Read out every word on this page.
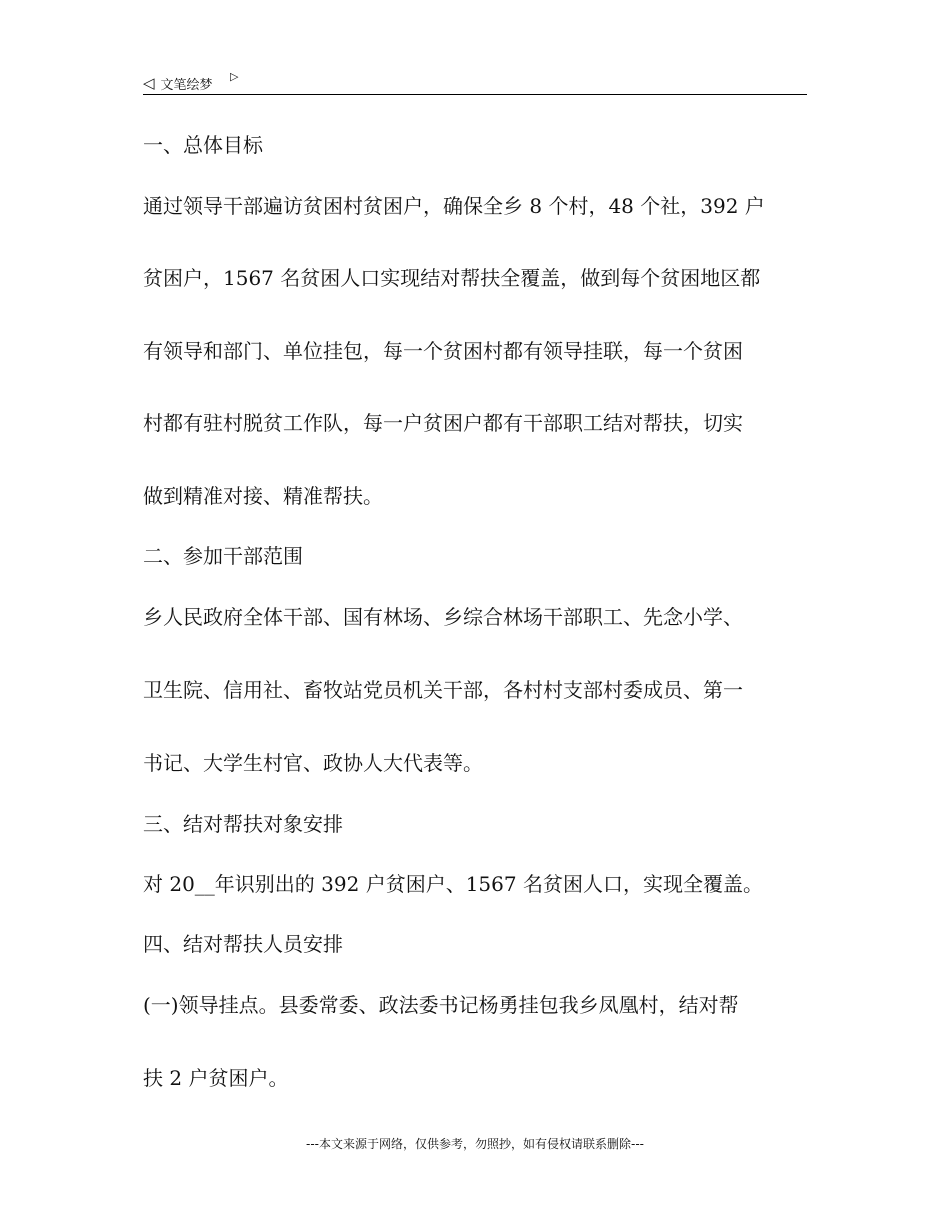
◁ 文笔绘梦
▷
一、总体目标
通过领导干部遍访贫困村贫困户，确保全乡 8 个村，48 个社，392 户
贫困户，1567 名贫困人口实现结对帮扶全覆盖，做到每个贫困地区都
有领导和部门、单位挂包，每一个贫困村都有领导挂联，每一个贫困
村都有驻村脱贫工作队，每一户贫困户都有干部职工结对帮扶，切实
做到精准对接、精准帮扶。
二、参加干部范围
乡人民政府全体干部、国有林场、乡综合林场干部职工、先念小学、
卫生院、信用社、畜牧站党员机关干部，各村村支部村委成员、第一
书记、大学生村官、政协人大代表等。
三、结对帮扶对象安排
对 20__年识别出的 392 户贫困户、1567 名贫困人口，实现全覆盖。
四、结对帮扶人员安排
(一)领导挂点。县委常委、政法委书记杨勇挂包我乡凤凰村，结对帮
扶 2 户贫困户。
---本文来源于网络，仅供参考，勿照抄，如有侵权请联系删除---
